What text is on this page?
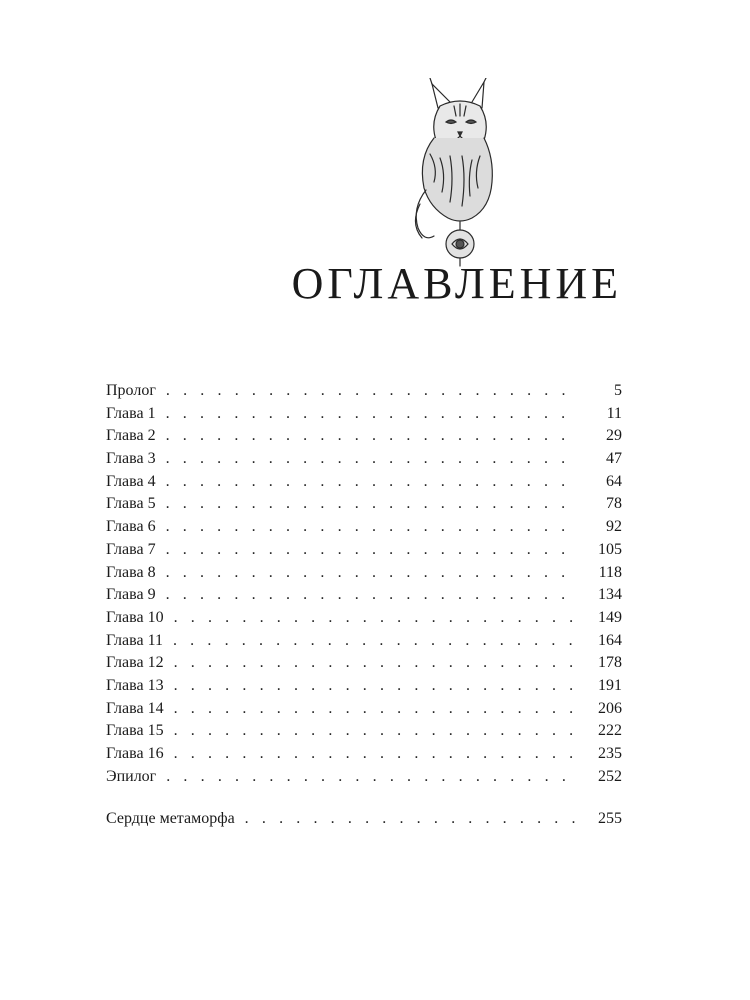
ОГЛАВЛЕНИЕ
Пролог . . .	5
Глава 1 . . .	11
Глава 2 . . .	29
Глава 3 . . .	47
Глава 4 . . .	64
Глава 5 . . .	78
Глава 6 . . .	92
Глава 7 . . .	105
Глава 8 . . .	118
Глава 9 . . .	134
Глава 10 . . .	149
Глава 11 . . .	164
Глава 12 . . .	178
Глава 13 . . .	191
Глава 14 . . .	206
Глава 15 . . .	222
Глава 16 . . .	235
Эпилог . . .	252
Сердце метаморфа . . .	255
